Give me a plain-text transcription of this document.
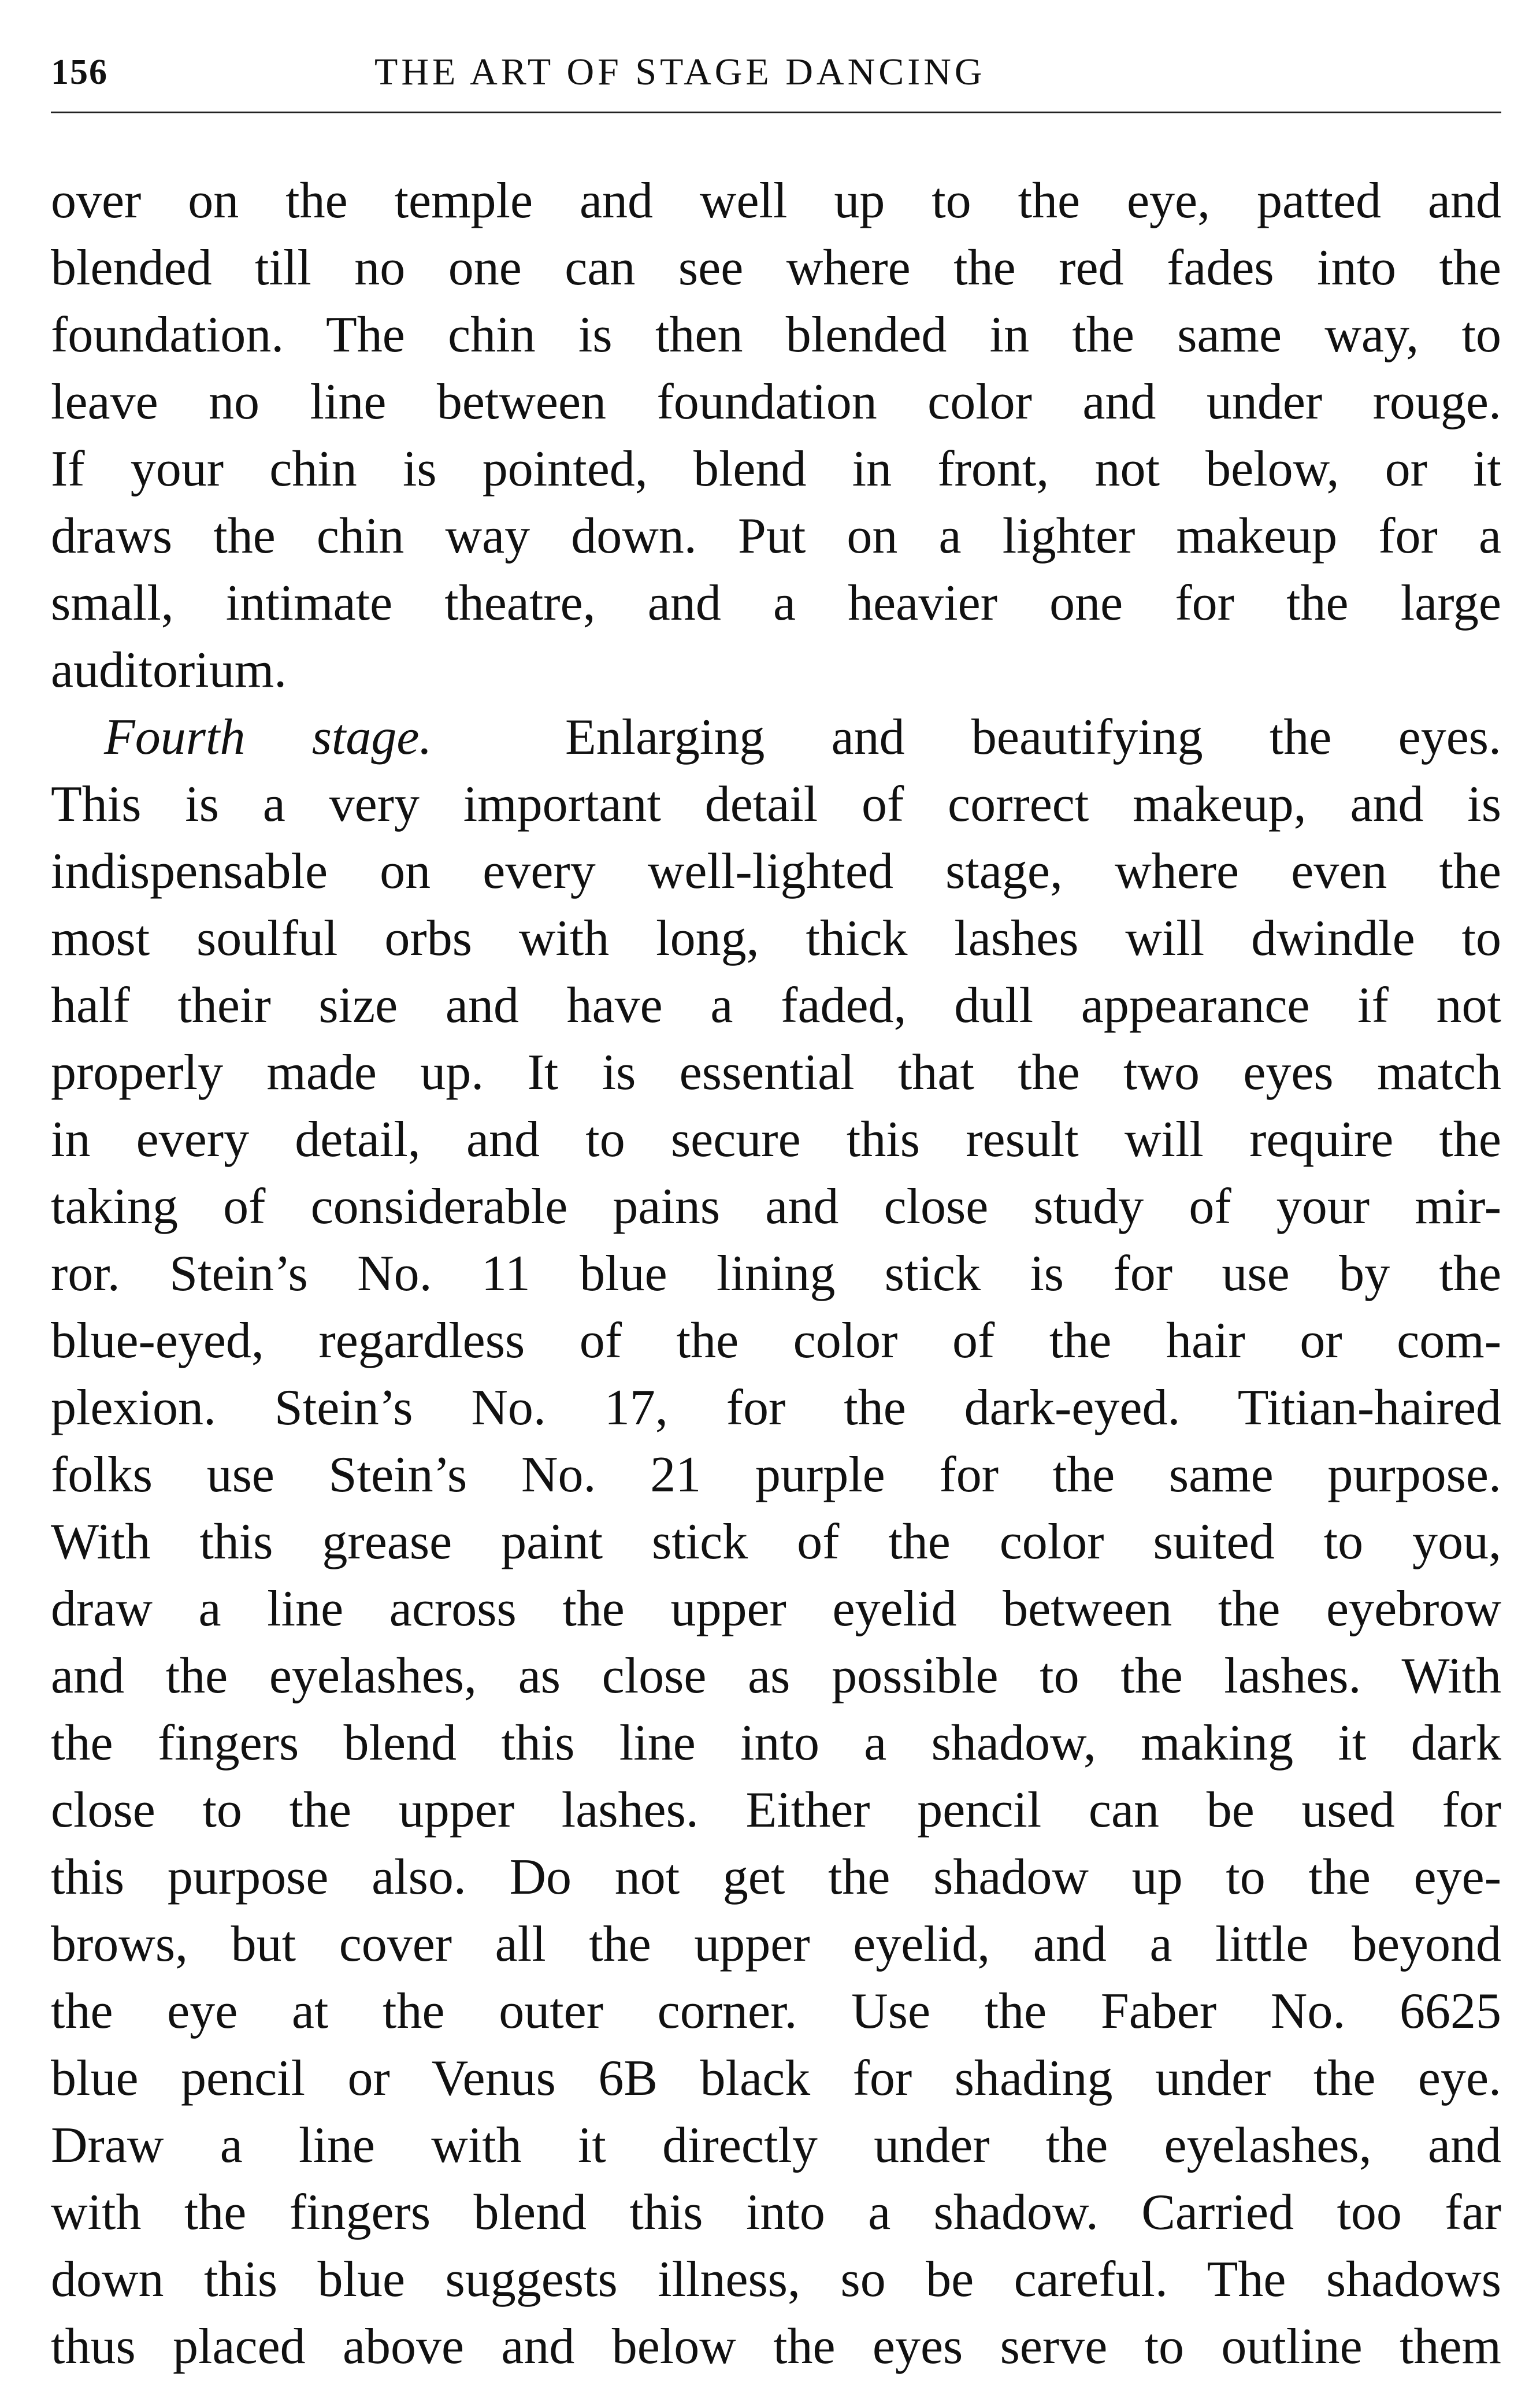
156	THE ART OF STAGE DANCING
over on the temple and well up to the eye, patted and
blended till no one can see where the red fades into the
foundation. The chin is then blended in the same way, to
leave no line between foundation color and under rouge.
If your chin is pointed, blend in front, not below, or it
draws the chin way down. Put on a lighter makeup for a
small, intimate theatre, and a heavier one for the large
auditorium.
Fourth stage.	Enlarging and beautifying the eyes.
This is a very important detail of correct makeup, and is
indispensable on every well-lighted stage, where even the
most soulful orbs with long, thick lashes will dwindle to
half their size and have a faded, dull appearance if not
properly made up. It is essential that the two eyes match
in every detail, and to secure this result will require the
taking of considerable pains and close study of your mir-
ror. Stein’s No. 11 blue lining stick is for use by the
blue-eyed, regardless of the color of the hair or com-
plexion. Stein’s No. 17, for the dark-eyed. Titian-haired
folks use Stein’s No. 21 purple for the same purpose.
With this grease paint stick of the color suited to you,
draw a line across the upper eyelid between the eyebrow
and the eyelashes, as close as possible to the lashes. With
the fingers blend this line into a shadow, making it dark
close to the upper lashes. Either pencil can be used for
this purpose also. Do not get the shadow up to the eye-
brows, but cover all the upper eyelid, and a little beyond
the eye at the outer corner. Use the Faber No. 6625
blue pencil or Venus 6B black for shading under the eye.
Draw a line with it directly under the eyelashes, and
with the fingers blend this into a shadow. Carried too far
down this blue suggests illness, so be careful. The shadows
thus placed above and below the eyes serve to outline them
